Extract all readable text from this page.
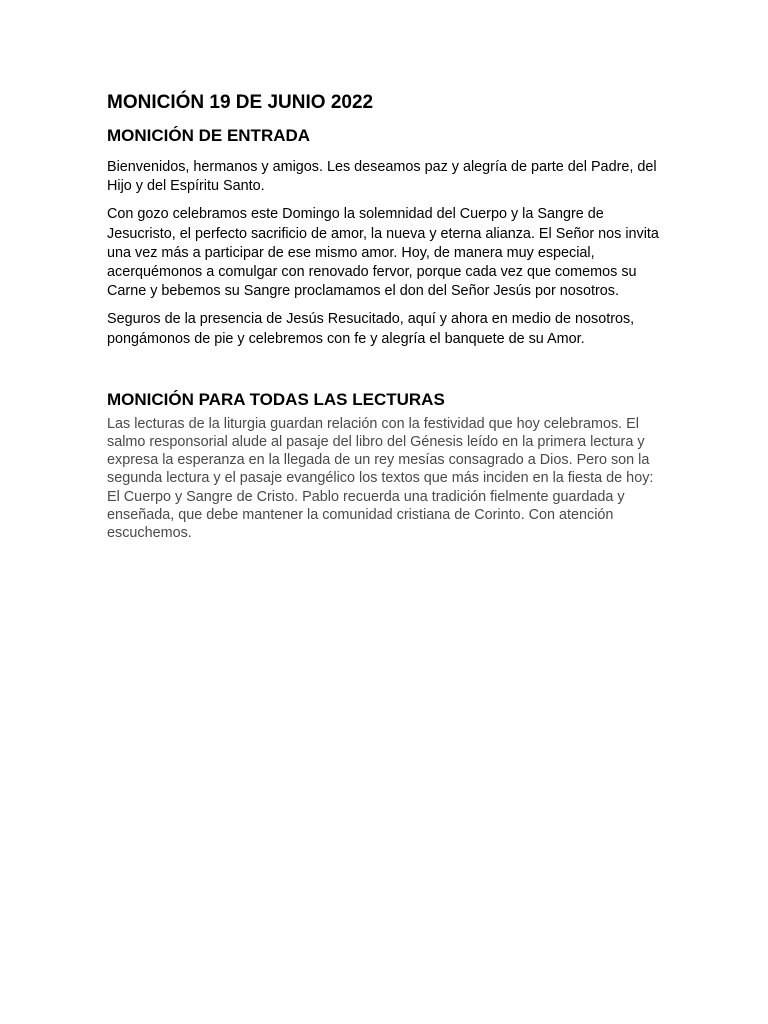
MONICIÓN 19 DE JUNIO 2022
MONICIÓN DE ENTRADA

Bienvenidos, hermanos y amigos. Les deseamos paz y alegría de parte del Padre, del Hijo y del Espíritu Santo.

Con gozo celebramos este Domingo la solemnidad del Cuerpo y la Sangre de Jesucristo, el perfecto sacrificio de amor, la nueva y eterna alianza. El Señor nos invita una vez más a participar de ese mismo amor. Hoy, de manera muy especial, acerquémonos a comulgar con renovado fervor, porque cada vez que comemos su Carne y bebemos su Sangre proclamamos el don del Señor Jesús por nosotros.

Seguros de la presencia de Jesús Resucitado, aquí y ahora en medio de nosotros, pongámonos de pie y celebremos con fe y alegría el banquete de su Amor.

MONICIÓN PARA TODAS LAS LECTURAS

Las lecturas de la liturgia guardan relación con la festividad que hoy celebramos. El salmo responsorial alude al pasaje del libro del Génesis leído en la primera lectura y expresa la esperanza en la llegada de un rey mesías consagrado a Dios. Pero son la segunda lectura y el pasaje evangélico los textos que más inciden en la fiesta de hoy: El Cuerpo y Sangre de Cristo. Pablo recuerda una tradición fielmente guardada y enseñada, que debe mantener la comunidad cristiana de Corinto. Con atención escuchemos.
